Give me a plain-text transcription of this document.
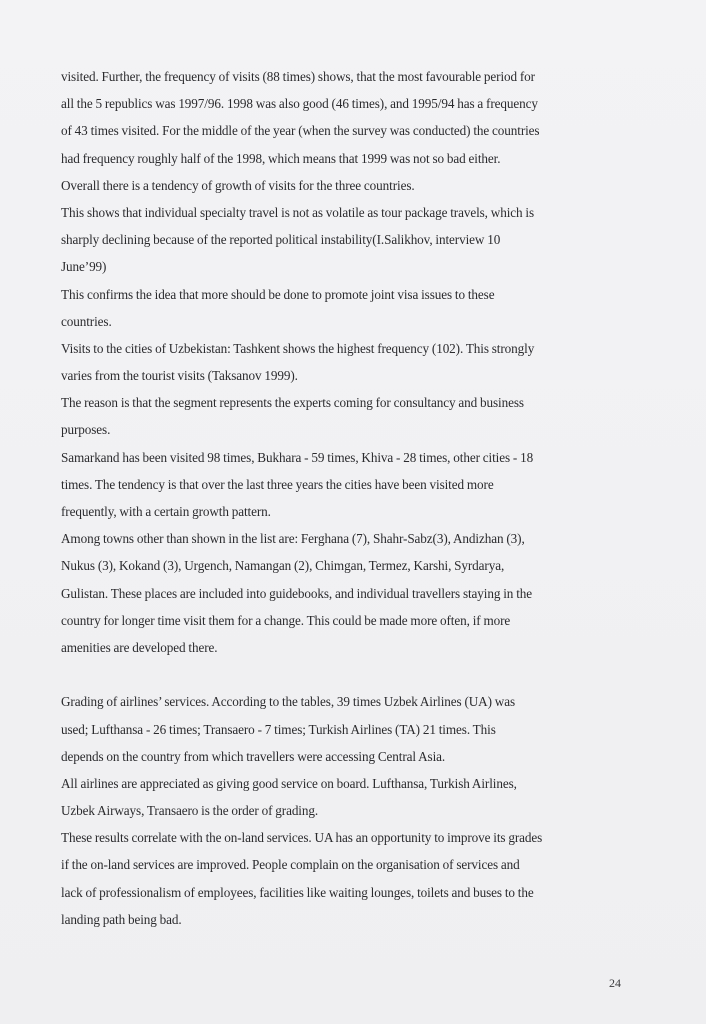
visited. Further, the frequency of visits (88 times) shows, that the most favourable period for
all the 5 republics was 1997/96. 1998 was also good (46 times), and 1995/94 has a frequency
of 43 times visited. For the middle of the year (when the survey was conducted) the countries
had frequency roughly half of the 1998, which means that 1999 was not so bad either.
Overall there is a tendency of growth of visits for the three countries.
This shows that individual specialty travel is not as volatile as tour package travels, which is
sharply declining because of the reported political instability(I.Salikhov, interview 10
June’99)
This confirms the idea that more should be done to promote joint visa issues to these
countries.
Visits to the cities of Uzbekistan: Tashkent shows the highest frequency (102). This strongly
varies from the tourist visits (Taksanov 1999).
The reason is that the segment represents the experts coming for consultancy and business
purposes.
Samarkand has been visited 98 times, Bukhara - 59 times, Khiva - 28 times, other cities - 18
times. The tendency is that over the last three years the cities have been visited more
frequently, with a certain growth pattern.
Among towns other than shown in the list are: Ferghana (7), Shahr-Sabz(3), Andizhan (3),
Nukus (3), Kokand (3), Urgench, Namangan (2), Chimgan, Termez, Karshi, Syrdarya,
Gulistan. These places are included into guidebooks, and individual travellers staying in the
country for longer time visit them for a change. This could be made more often, if more
amenities are developed there.
Grading of airlines’ services. According to the tables, 39 times Uzbek Airlines (UA) was
used; Lufthansa - 26 times; Transaero - 7 times; Turkish Airlines (TA) 21 times. This
depends on the country from which travellers were accessing Central Asia.
All airlines are appreciated as giving good service on board. Lufthansa, Turkish Airlines,
Uzbek Airways, Transaero is the order of grading.
These results correlate with the on-land services. UA has an opportunity to improve its grades
if the on-land services are improved. People complain on the organisation of services and
lack of professionalism of employees, facilities like waiting lounges, toilets and buses to the
landing path being bad.
24
